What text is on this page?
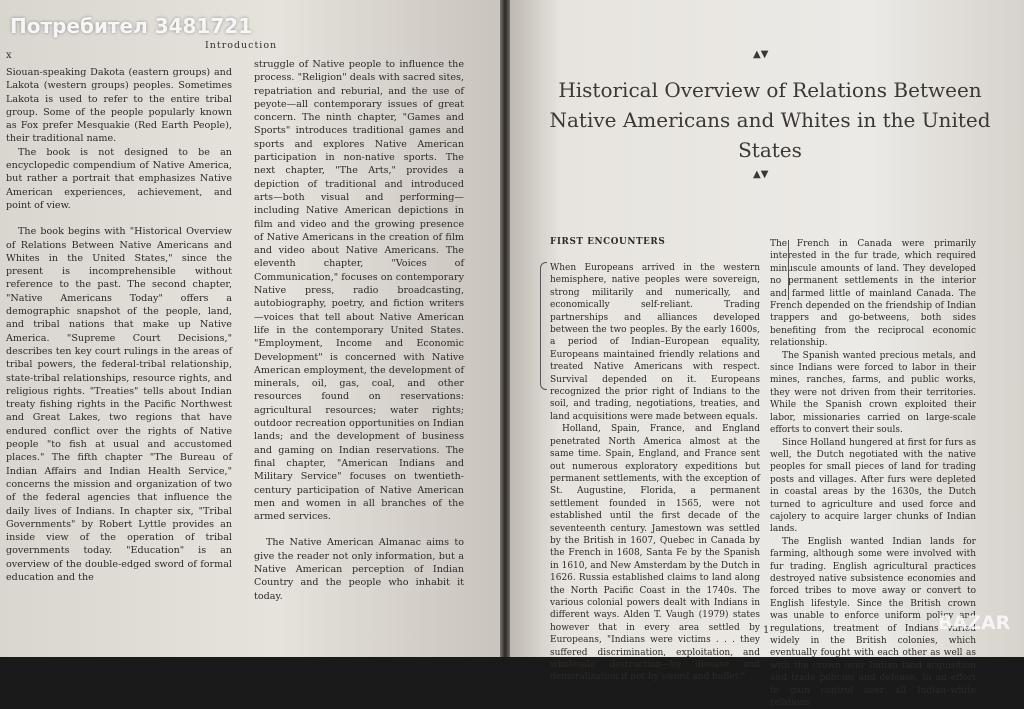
x
Introduction

Siouan-speaking Dakota (eastern groups) and Lakota (western groups) peoples. Sometimes Lakota is used to refer to the entire tribal group. Some of the people popularly known as Fox prefer Mesquakie (Red Earth People), their traditional name.

The book is not designed to be an encyclopedic compendium of Native America, but rather a portrait that emphasizes Native American experiences, achievement, and point of view.

The book begins with "Historical Overview of Relations Between Native Americans and Whites in the United States," since the present is incomprehensible without reference to the past. The second chapter, "Native Americans Today" offers a demographic snapshot of the people, land, and tribal nations that make up Native America. "Supreme Court Decisions," describes ten key court rulings in the areas of tribal powers, the federal-tribal relationship, state-tribal relationships, resource rights, and religious rights. "Treaties" tells about Indian treaty fishing rights in the Pacific Northwest and Great Lakes, two regions that have endured conflict over the rights of Native people "to fish at usual and accustomed places." The fifth chapter "The Bureau of Indian Affairs and Indian Health Service," concerns the mission and organization of two of the federal agencies that influence the daily lives of Indians. In chapter six, "Tribal Governments" by Robert Lyttle provides an inside view of the operation of tribal governments today. "Education" is an overview of the double-edged sword of formal education and the

struggle of Native people to influence the process. "Religion" deals with sacred sites, repatriation and reburial, and the use of peyote—all contemporary issues of great concern. The ninth chapter, "Games and Sports" introduces traditional games and sports and explores Native American participation in non-native sports. The next chapter, "The Arts," provides a depiction of traditional and introduced arts—both visual and performing—including Native American depictions in film and video and the growing presence of Native Americans in the creation of film and video about Native Americans. The eleventh chapter, "Voices of Communication," focuses on contemporary Native press, radio broadcasting, autobiography, poetry, and fiction writers—voices that tell about Native American life in the contemporary United States. "Employment, Income and Economic Development" is concerned with Native American employment, the development of minerals, oil, gas, coal, and other resources found on reservations: agricultural resources; water rights; outdoor recreation opportunities on Indian lands; and the development of business and gaming on Indian reservations. The final chapter, "American Indians and Military Service" focuses on twentieth-century participation of Native American men and women in all branches of the armed services.

The Native American Almanac aims to give the reader not only information, but a Native American perception of Indian Country and the people who inhabit it today.

▲▼
Historical Overview of Relations Between Native Americans and Whites in the United States
▲▼
FIRST ENCOUNTERS

When Europeans arrived in the western hemisphere, native peoples were sovereign, strong militarily and numerically, and economically self-reliant. Trading partnerships and alliances developed between the two peoples. By the early 1600s, a period of Indian–European equality, Europeans maintained friendly relations and treated Native Americans with respect. Survival depended on it. Europeans recognized the prior right of Indians to the soil, and trading, negotiations, treaties, and land acquisitions were made between equals.

Holland, Spain, France, and England penetrated North America almost at the same time. Spain, England, and France sent out numerous exploratory expeditions but permanent settlements, with the exception of St. Augustine, Florida, a permanent settlement founded in 1565, were not established until the first decade of the seventeenth century. Jamestown was settled by the British in 1607, Quebec in Canada by the French in 1608, Santa Fe by the Spanish in 1610, and New Amsterdam by the Dutch in 1626. Russia established claims to land along the North Pacific Coast in the 1740s. The various colonial powers dealt with Indians in different ways. Alden T. Vaugh (1979) states however that in every area settled by Europeans, "Indians were victims . . . they suffered discrimination, exploitation, and wholesale destruction—by disease and demoralization if not by sword and bullet."

The French in Canada were primarily interested in the fur trade, which required minuscule amounts of land. They developed no permanent settlements in the interior and farmed little of mainland Canada. The French depended on the friendship of Indian trappers and go-betweens, both sides benefiting from the reciprocal economic relationship.

The Spanish wanted precious metals, and since Indians were forced to labor in their mines, ranches, farms, and public works, they were not driven from their territories. While the Spanish crown exploited their labor, missionaries carried on large-scale efforts to convert their souls.

Since Holland hungered at first for furs as well, the Dutch negotiated with the native peoples for small pieces of land for trading posts and villages. After furs were depleted in coastal areas by the 1630s, the Dutch turned to agriculture and used force and cajolery to acquire larger chunks of Indian lands.

The English wanted Indian lands for farming, although some were involved with fur trading. English agricultural practices destroyed native subsistence economies and forced tribes to move away or convert to English lifestyle. Since the British crown was unable to enforce uniform policy and regulations, treatment of Indians varied widely in the British colonies, which eventually fought with each other as well as with the crown over Indian land acquisition and trade policies and defense. In an effort to gain control over all Indian–white relations

1
Потребител 3481721
BAZAR
